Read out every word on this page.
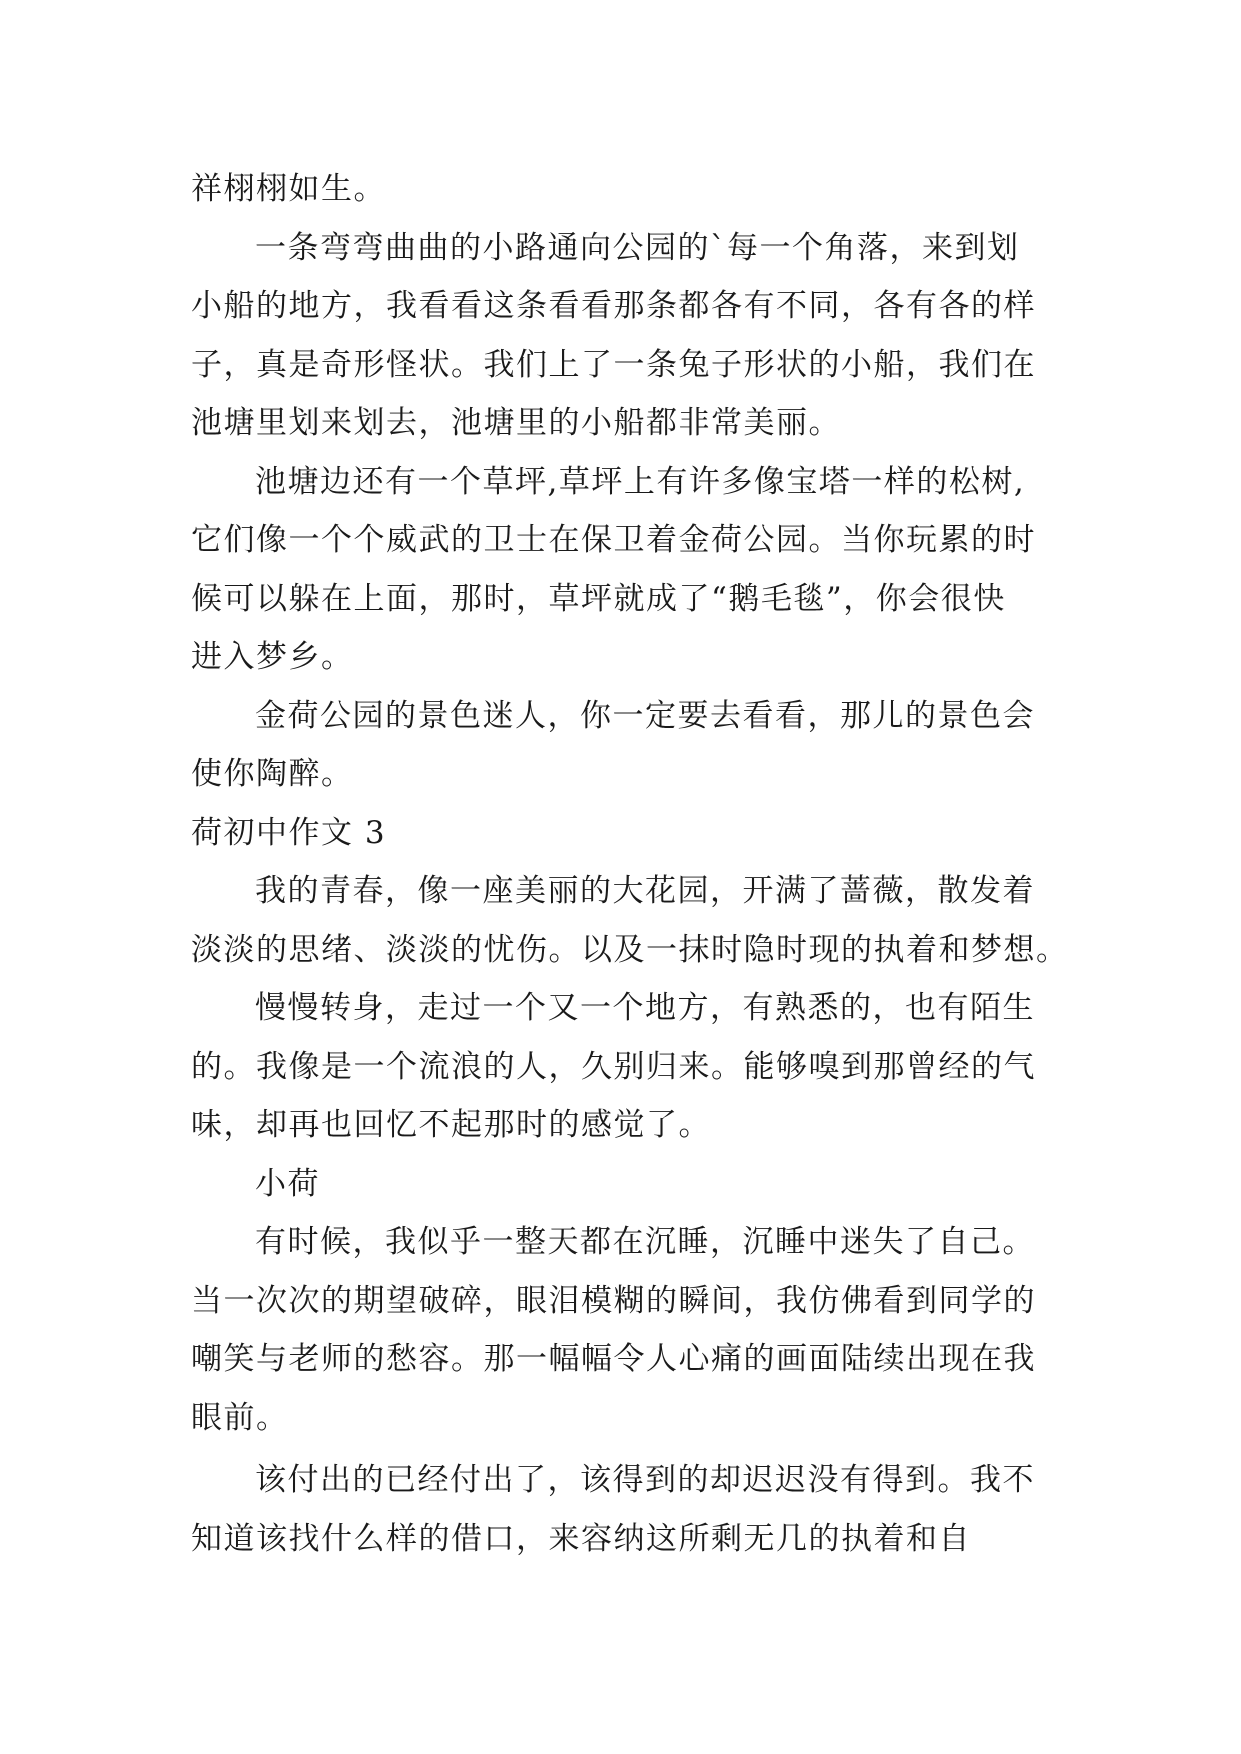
祥栩栩如生。
一条弯弯曲曲的小路通向公园的`每一个角落，来到划
小船的地方，我看看这条看看那条都各有不同，各有各的样
子，真是奇形怪状。我们上了一条兔子形状的小船，我们在
池塘里划来划去，池塘里的小船都非常美丽。
池塘边还有一个草坪,草坪上有许多像宝塔一样的松树,
它们像一个个威武的卫士在保卫着金荷公园。当你玩累的时
候可以躲在上面，那时，草坪就成了“鹅毛毯”，你会很快
进入梦乡。
金荷公园的景色迷人，你一定要去看看，那儿的景色会
使你陶醉。
荷初中作文 3
我的青春，像一座美丽的大花园，开满了蔷薇，散发着
淡淡的思绪、淡淡的忧伤。以及一抹时隐时现的执着和梦想。
慢慢转身，走过一个又一个地方，有熟悉的，也有陌生
的。我像是一个流浪的人，久别归来。能够嗅到那曾经的气
味，却再也回忆不起那时的感觉了。
小荷
有时候，我似乎一整天都在沉睡，沉睡中迷失了自己。
当一次次的期望破碎，眼泪模糊的瞬间，我仿佛看到同学的
嘲笑与老师的愁容。那一幅幅令人心痛的画面陆续出现在我
眼前。
该付出的已经付出了，该得到的却迟迟没有得到。我不
知道该找什么样的借口，来容纳这所剩无几的执着和自
